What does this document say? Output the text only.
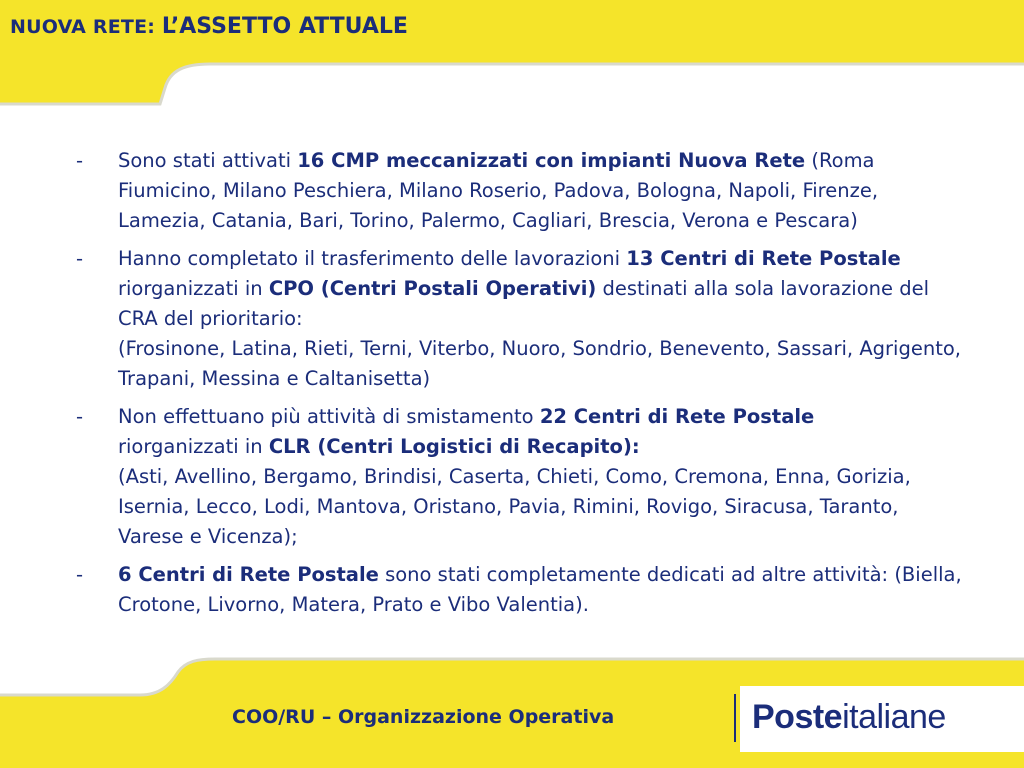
NUOVA RETE: L’ASSETTO ATTUALE
- Sono stati attivati 16 CMP meccanizzati con impianti Nuova Rete (Roma Fiumicino, Milano Peschiera, Milano Roserio, Padova, Bologna, Napoli, Firenze, Lamezia, Catania, Bari, Torino, Palermo, Cagliari, Brescia, Verona e Pescara)
- Hanno completato il trasferimento delle lavorazioni 13 Centri di Rete Postale riorganizzati in CPO (Centri Postali Operativi) destinati alla sola lavorazione del CRA del prioritario:
(Frosinone, Latina, Rieti, Terni, Viterbo, Nuoro, Sondrio, Benevento, Sassari, Agrigento, Trapani, Messina e Caltanisetta)
- Non effettuano più attività di smistamento 22 Centri di Rete Postale
riorganizzati in CLR (Centri Logistici di Recapito):
(Asti, Avellino, Bergamo, Brindisi, Caserta, Chieti, Como, Cremona, Enna, Gorizia, Isernia, Lecco, Lodi, Mantova, Oristano, Pavia, Rimini, Rovigo, Siracusa, Taranto, Varese e Vicenza);
- 6 Centri di Rete Postale sono stati completamente dedicati ad altre attività: (Biella, Crotone, Livorno, Matera, Prato e Vibo Valentia).
COO/RU – Organizzazione Operativa	Posteitaliane
